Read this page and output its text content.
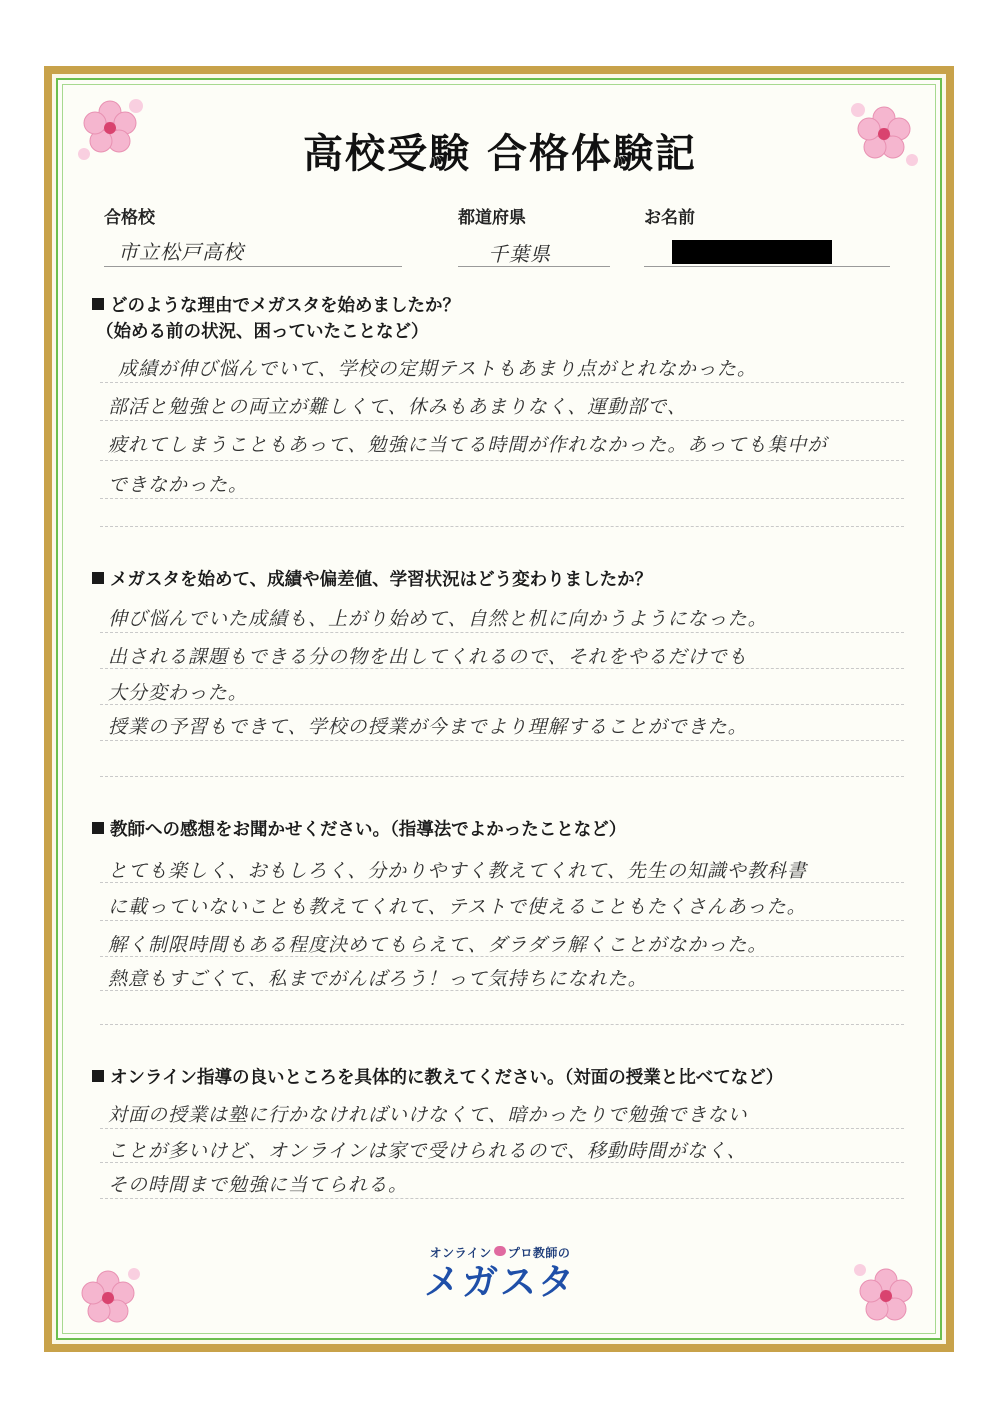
高校受験 合格体験記
合格校
市立松戸高校
都道府県
千葉県
お名前
どのような理由でメガスタを始めましたか？
（始める前の状況、困っていたことなど）
成績が伸び悩んでいて、学校の定期テストもあまり点がとれなかった。
部活と勉強との両立が難しくて、休みもあまりなく、運動部で、
疲れてしまうこともあって、勉強に当てる時間が作れなかった。あっても集中が
できなかった。
メガスタを始めて、成績や偏差値、学習状況はどう変わりましたか？
伸び悩んでいた成績も、上がり始めて、自然と机に向かうようになった。
出される課題もできる分の物を出してくれるので、それをやるだけでも
大分変わった。
授業の予習もできて、学校の授業が今までより理解することができた。
教師への感想をお聞かせください。（指導法でよかったことなど）
とても楽しく、おもしろく、分かりやすく教えてくれて、先生の知識や教科書
に載っていないことも教えてくれて、テストで使えることもたくさんあった。
解く制限時間もある程度決めてもらえて、ダラダラ解くことがなかった。
熱意もすごくて、私までがんばろう！って気持ちになれた。
オンライン指導の良いところを具体的に教えてください。（対面の授業と比べてなど）
対面の授業は塾に行かなければいけなくて、暗かったりで勉強できない
ことが多いけど、オンラインは家で受けられるので、移動時間がなく、
その時間まで勉強に当てられる。
オンライン プロ教師の
メガスタ
